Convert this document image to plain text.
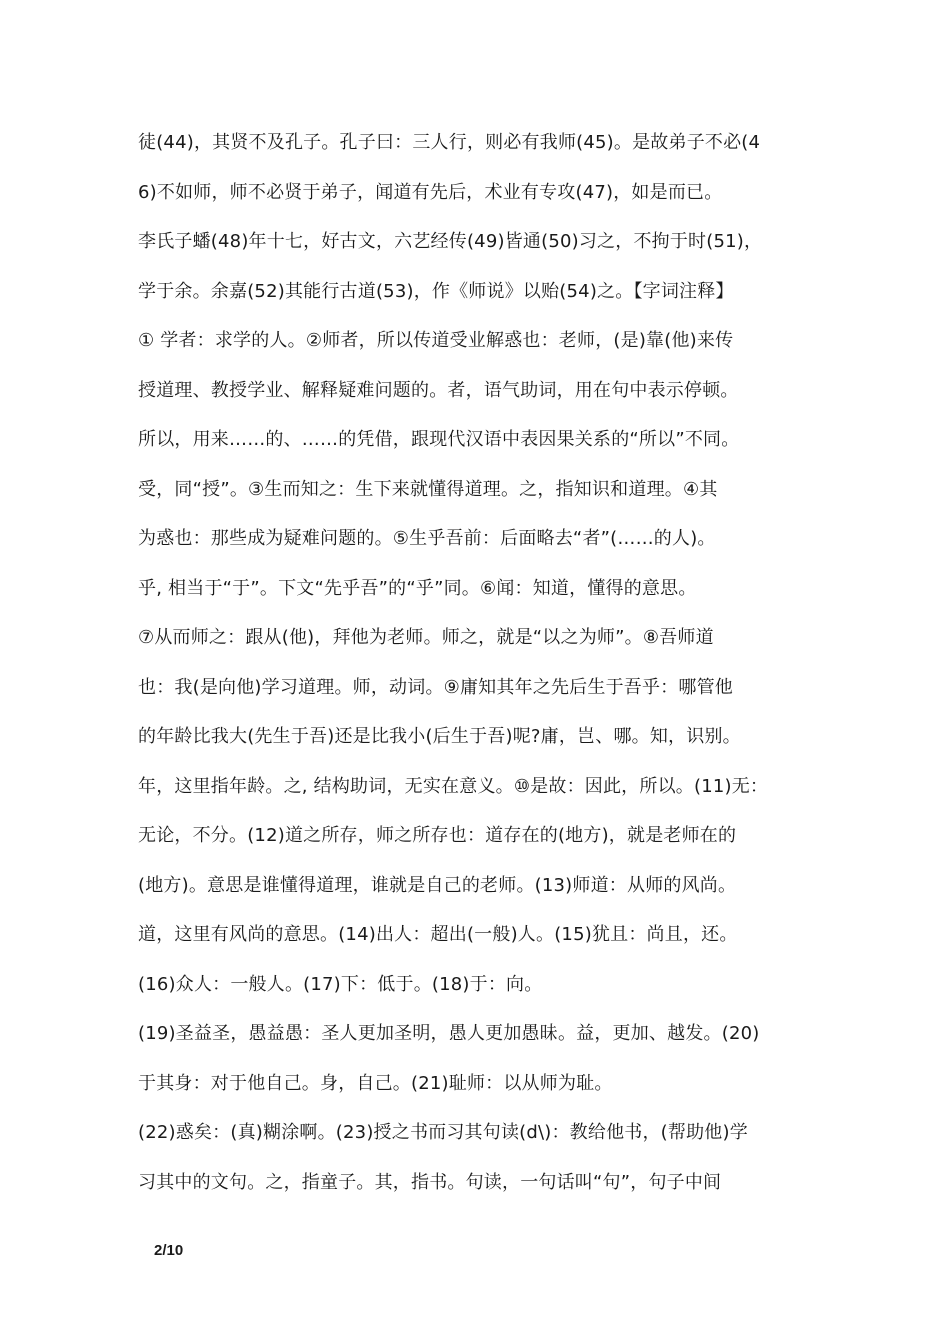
徒(44)，其贤不及孔子。孔子曰：三人行，则必有我师(45)。是故弟子不必(4
6)不如师，师不必贤于弟子，闻道有先后，术业有专攻(47)，如是而已。
李氏子蟠(48)年十七，好古文，六艺经传(49)皆通(50)习之，不拘于时(51)，
学于余。余嘉(52)其能行古道(53)，作《师说》以贻(54)之。【字词注释】
① 学者：求学的人。②师者，所以传道受业解惑也：老师，(是)靠(他)来传
授道理、教授学业、解释疑难问题的。者，语气助词，用在句中表示停顿。
所以，用来……的、……的凭借，跟现代汉语中表因果关系的“所以”不同。
受，同“授”。③生而知之：生下来就懂得道理。之，指知识和道理。④其
为惑也：那些成为疑难问题的。⑤生乎吾前：后面略去“者”(……的人)。
乎, 相当于“于”。下文“先乎吾”的“乎”同。⑥闻：知道，懂得的意思。
⑦从而师之：跟从(他)，拜他为老师。师之，就是“以之为师”。⑧吾师道
也：我(是向他)学习道理。师，动词。⑨庸知其年之先后生于吾乎：哪管他
的年龄比我大(先生于吾)还是比我小(后生于吾)呢?庸，岂、哪。知，识别。
年，这里指年龄。之, 结构助词，无实在意义。⑩是故：因此，所以。(11)无：
无论，不分。(12)道之所存，师之所存也：道存在的(地方)，就是老师在的
(地方)。意思是谁懂得道理，谁就是自己的老师。(13)师道：从师的风尚。
道，这里有风尚的意思。(14)出人：超出(一般)人。(15)犹且：尚且，还。
(16)众人：一般人。(17)下：低于。(18)于：向。
(19)圣益圣，愚益愚：圣人更加圣明，愚人更加愚昧。益，更加、越发。(20)
于其身：对于他自己。身，自己。(21)耻师：以从师为耻。
(22)惑矣：(真)糊涂啊。(23)授之书而习其句读(d\)：教给他书，(帮助他)学
习其中的文句。之，指童子。其，指书。句读，一句话叫“句”，句子中间
2/10
